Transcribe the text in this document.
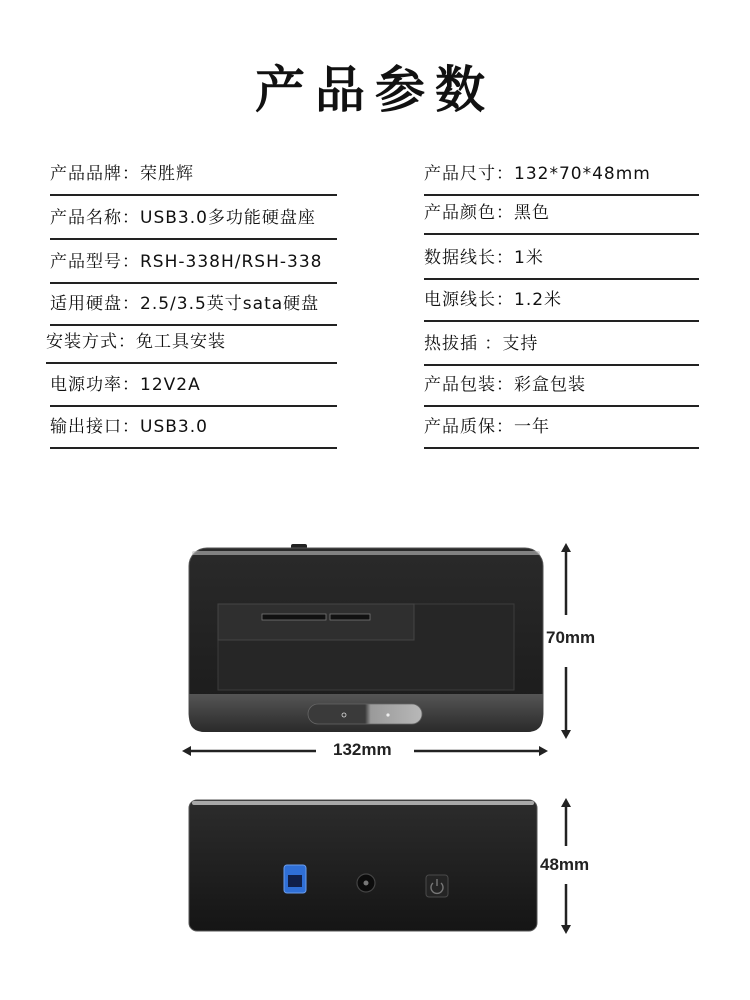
产品参数
产品品牌：荣胜辉
产品名称：USB3.0多功能硬盘座
产品型号：RSH-338H/RSH-338
适用硬盘：2.5/3.5英寸sata硬盘
安装方式：免工具安装
电源功率：12V2A
输出接口：USB3.0
产品尺寸：132*70*48mm
产品颜色：黑色
数据线长：1米
电源线长：1.2米
热拔插 ：支持
产品包装：彩盒包装
产品质保：一年
70mm
132mm
48mm
